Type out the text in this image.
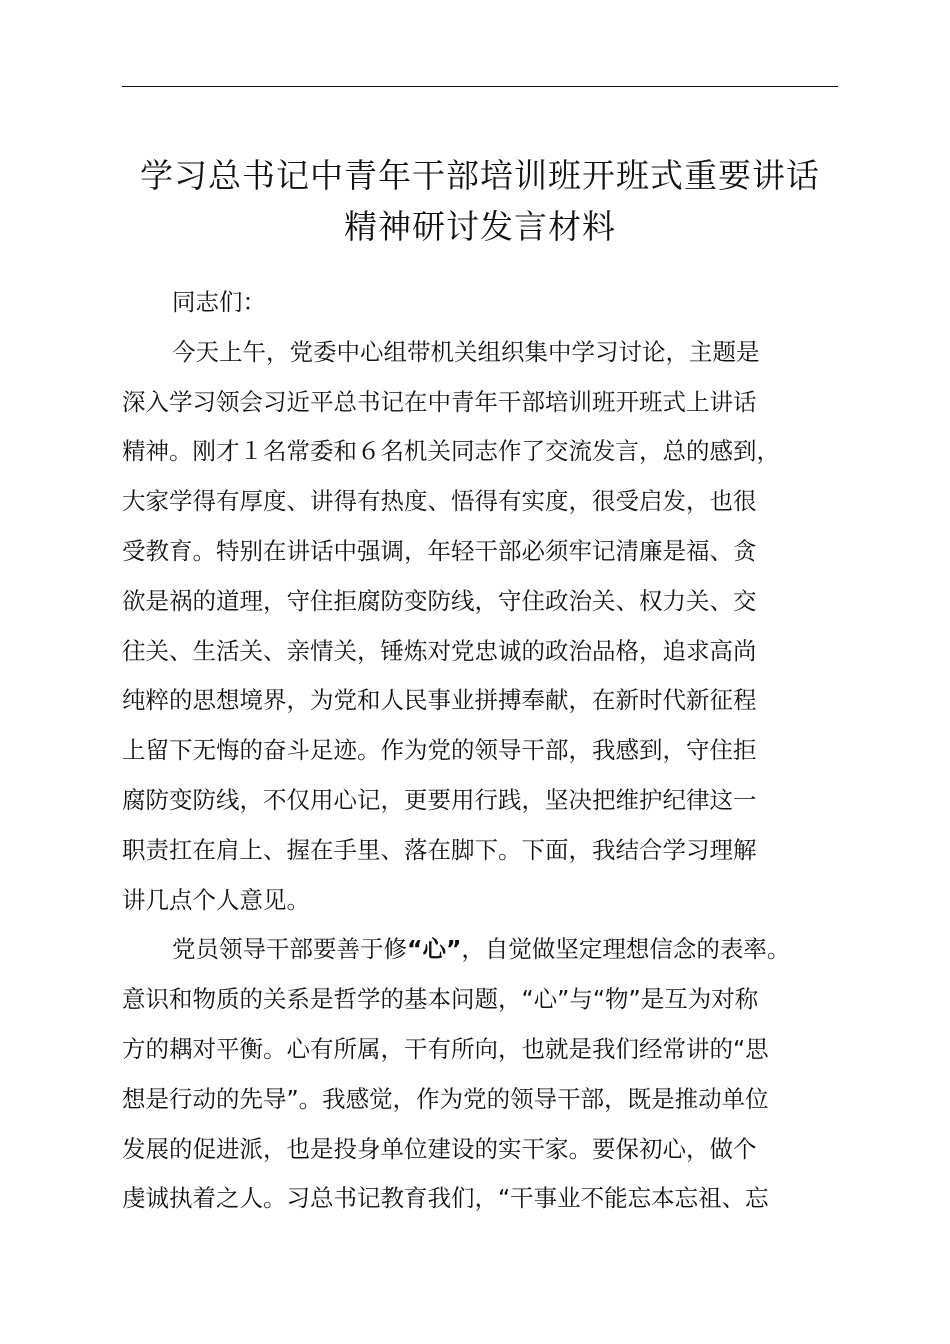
学习总书记中青年干部培训班开班式重要讲话
精神研讨发言材料
同志们：
今天上午，党委中心组带机关组织集中学习讨论，主题是
深入学习领会习近平总书记在中青年干部培训班开班式上讲话
精神。刚才１名常委和６名机关同志作了交流发言，总的感到，
大家学得有厚度、讲得有热度、悟得有实度，很受启发，也很
受教育。特别在讲话中强调，年轻干部必须牢记清廉是福、贪
欲是祸的道理，守住拒腐防变防线，守住政治关、权力关、交
往关、生活关、亲情关，锤炼对党忠诚的政治品格，追求高尚
纯粹的思想境界，为党和人民事业拼搏奉献，在新时代新征程
上留下无悔的奋斗足迹。作为党的领导干部，我感到，守住拒
腐防变防线，不仅用心记，更要用行践，坚决把维护纪律这一
职责扛在肩上、握在手里、落在脚下。下面，我结合学习理解
讲几点个人意见。
党员领导干部要善于修“心”，自觉做坚定理想信念的表率。
意识和物质的关系是哲学的基本问题，“心”与“物”是互为对称
方的耦对平衡。心有所属，干有所向，也就是我们经常讲的“思
想是行动的先导”。我感觉，作为党的领导干部，既是推动单位
发展的促进派，也是投身单位建设的实干家。要保初心，做个
虔诚执着之人。习总书记教育我们，“干事业不能忘本忘祖、忘
